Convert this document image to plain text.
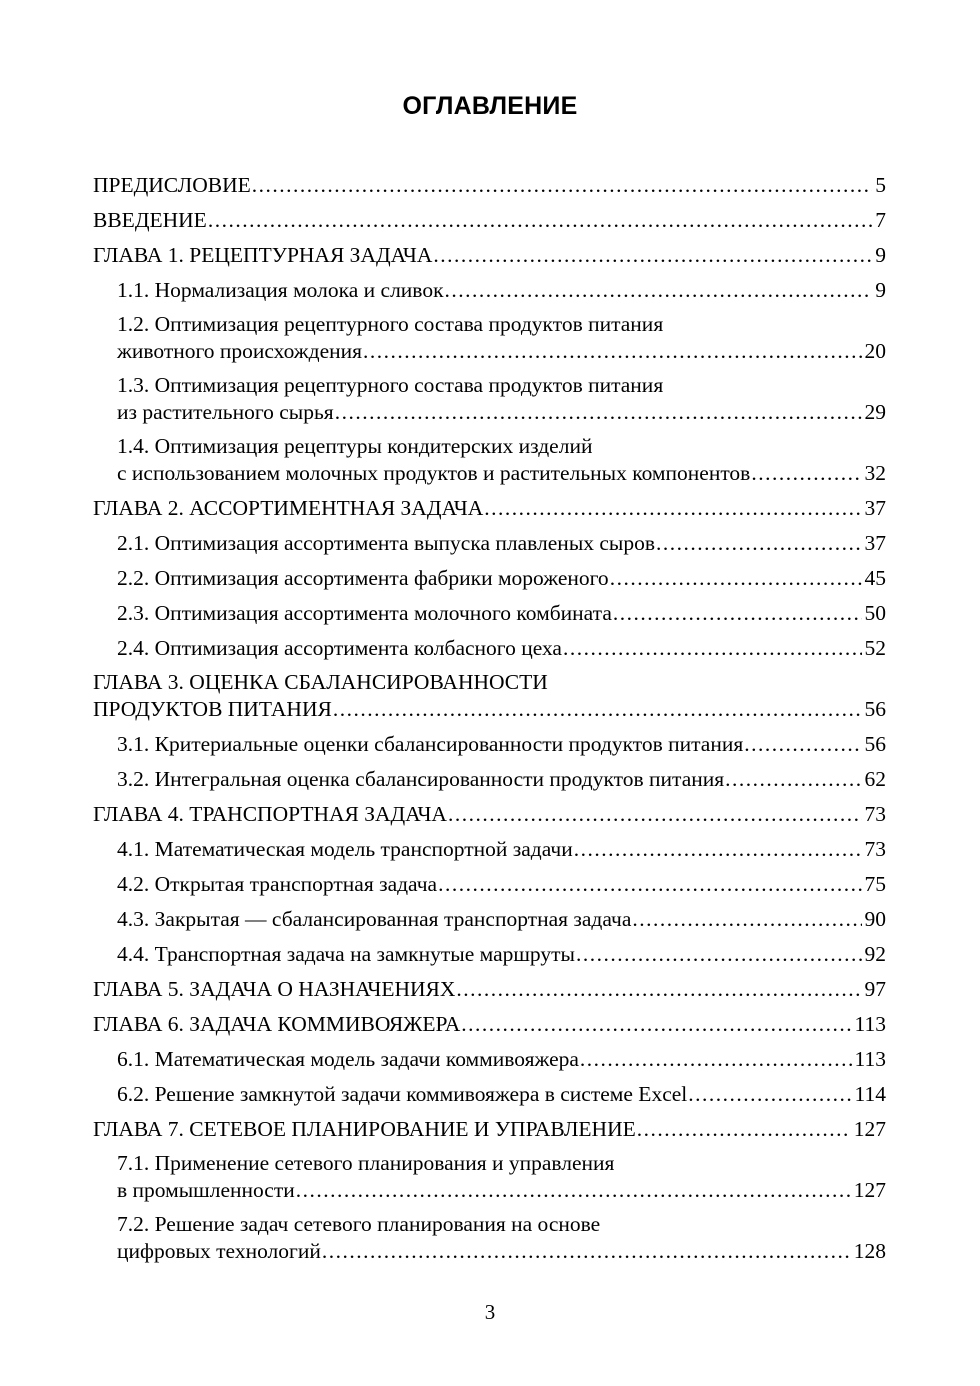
ОГЛАВЛЕНИЕ
ПРЕДИСЛОВИЕ .....	5
ВВЕДЕНИЕ .....	7
ГЛАВА 1. РЕЦЕПТУРНАЯ ЗАДАЧА .....	9
1.1. Нормализация молока и сливок .....	9
1.2. Оптимизация рецептурного состава продуктов питания
животного происхождения .....	20
1.3. Оптимизация рецептурного состава продуктов питания
из растительного сырья .....	29
1.4. Оптимизация рецептуры кондитерских изделий
с использованием молочных продуктов и растительных компонентов .....	32
ГЛАВА 2. АССОРТИМЕНТНАЯ ЗАДАЧА .....	37
2.1. Оптимизация ассортимента выпуска плавленых сыров .....	37
2.2. Оптимизация ассортимента фабрики мороженого .....	45
2.3. Оптимизация ассортимента молочного комбината .....	50
2.4. Оптимизация ассортимента колбасного цеха .....	52
ГЛАВА 3. ОЦЕНКА СБАЛАНСИРОВАННОСТИ
ПРОДУКТОВ ПИТАНИЯ .....	56
3.1. Критериальные оценки сбалансированности продуктов питания .....	56
3.2. Интегральная оценка сбалансированности продуктов питания .....	62
ГЛАВА 4. ТРАНСПОРТНАЯ ЗАДАЧА .....	73
4.1. Математическая модель транспортной задачи .....	73
4.2. Открытая транспортная задача .....	75
4.3. Закрытая — сбалансированная транспортная задача .....	90
4.4. Транспортная задача на замкнутые маршруты .....	92
ГЛАВА 5. ЗАДАЧА О НАЗНАЧЕНИЯХ .....	97
ГЛАВА 6. ЗАДАЧА КОММИВОЯЖЕРА .....	113
6.1. Математическая модель задачи коммивояжера .....	113
6.2. Решение замкнутой задачи коммивояжера в системе Excel .....	114
ГЛАВА 7. СЕТЕВОЕ ПЛАНИРОВАНИЕ И УПРАВЛЕНИЕ .....	127
7.1. Применение сетевого планирования и управления
в промышленности .....	127
7.2. Решение задач сетевого планирования на основе
цифровых технологий .....	128
3
